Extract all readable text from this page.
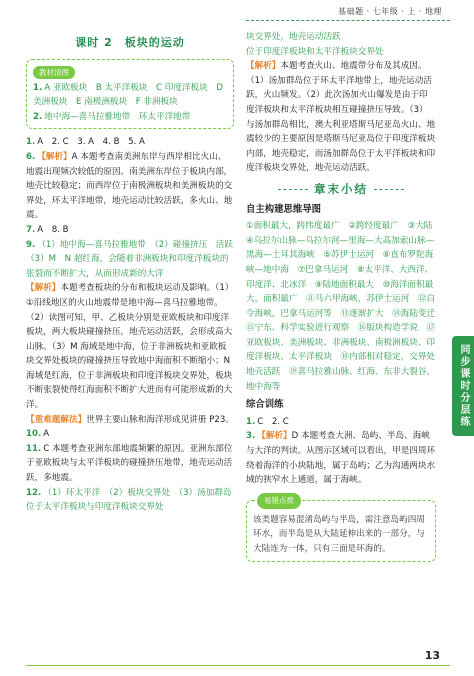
基础题 · 七年级 · 上 · 地理
课时 2　板块的运动
教材清图
1. A 亚欧板块　B 太平洋板块　C 印度洋板块　D 美洲板块　E 南极洲板块　F 非洲板块
2. 地中海—喜马拉雅地带　环太平洋地带
1. A　2. C　3. A　4. B　5. A
6. 【解析】A 本题考查南美洲东岸与西岸相比火山、地震出现频次较低的原因。南美洲东岸位于板块内部，地壳比较稳定；而西岸位于南极洲板块和美洲板块的交界处，环太平洋地带，地壳运动比较活跃，多火山、地震。
7. A　8. B
9. （1）地中海—喜马拉雅地带　（2）碰撞挤压　活跃　（3）M　N 超红海，会随着非洲板块和印度洋板块的张裂而不断扩大，从而形成新的大洋
【解析】本题考查板块的分布和板块运动及影响。（1）①沿线地区的火山地震带是地中海—喜马拉雅地带。（2）读图可知，甲、乙板块分别是亚欧板块和印度洋板块，两大板块碰撞挤压，地壳运动活跃，会形成高大山脉。（3）M 海域是地中海，位于非洲板块和亚欧板块交界处板块的碰撞挤压导致地中海面积不断缩小；N 海域是红海，位于非洲板块和印度洋板块交界处，板块不断张裂使得红海面积不断扩大进而有可能形成新的大洋。
【重难题解法】世界主要山脉和海洋形成见讲册 P23。
10. A
11. C 本题考查亚洲东部地震频繁的原因。亚洲东部位于亚欧板块与太平洋板块的碰撞挤压地带，地壳运动活跃，多地震。
12. （1）环太平洋　（2）板块交界处　（3）汤加群岛位于太平洋板块与印度洋板块交界处
块交界处，地壳运动活跃
位于印度洋板块和太平洋板块交界处
【解析】本题考查火山、地震带分布及其成因。（1）汤加群岛位于环太平洋地带上，地壳运动活跃，火山频发。（2）此次汤加火山爆发是由于印度洋板块和太平洋板块相互碰撞挤压导致。（3）与汤加群岛相比，澳大利亚塔斯马尼亚岛火山、地震较少的主要原因是塔斯马尼亚岛位于印度洋板块内部，地壳稳定，而汤加群岛位于太平洋板块和印度洋板块交界处，地壳运动活跃。
章末小结
自主构建思维导图
①面积最大，跨纬度最广　②跨经度最广　③大陆　④乌拉尔山脉—乌拉尔河—里海—大高加索山脉—黑海—土耳其海峡　⑤苏伊士运河　⑥直布罗陀海峡—地中海　⑦巴拿马运河　⑧太平洋、大西洋、印度洋、北冰洋　⑨陆地面积最大　⑩海洋面积最大，面积最广　⑪马六甲海峡，苏伊士运河　⑫白令海峡，巴拿马运河等　⑬逐渐扩大　⑭海陆变迁　⑮宁东、科学实验进行观察　⑯版块构造学说　⑰亚欧板块、美洲板块、非洲板块、南极洲板块、印度洋板块、太平洋板块　⑱内部相对稳定，交界处地壳活跃　⑲喜马拉雅山脉、红海、东非大裂谷、地中海等
综合训练
1. C　2. C
3. 【解析】D 本题考查大洲、岛屿、半岛、海峡与大洋的判读。从图示区域可以看出，甲是四周环绕着海洋的小块陆地，属于岛屿；乙为沟通两块水域的狭窄水上通道，属于海峡。
易错点拨
该类题容易混淆岛屿与半岛，需注意岛屿四周环水，而半岛是从大陆延伸出来的一部分，与大陆连为一体，只有三面是环海的。
同步课时分层练
13
